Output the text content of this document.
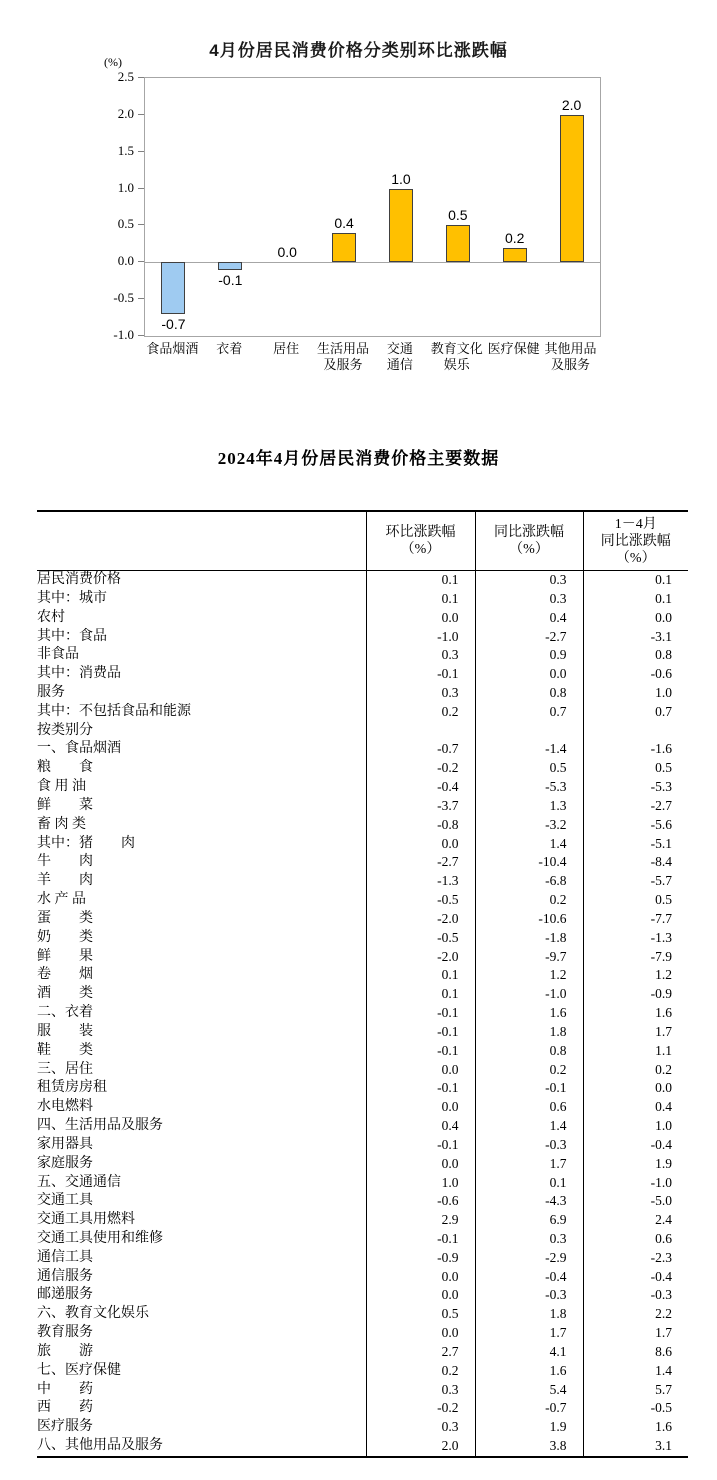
4月份居民消费价格分类别环比涨跌幅
(%)
-0.7
-0.1
0.0
0.4
1.0
0.5
0.2
2.0
2.5
2.0
1.5
1.0
0.5
0.0
-0.5
-1.0
食品烟酒	衣着	居住	生活用品
及服务
交通
通信
教育文化
娱乐
医疗保健 其他用品
及服务
2024年4月份居民消费价格主要数据

环比涨跌幅
（%）

同比涨跌幅
（%）

1－4月
同比涨跌幅
（%）

居民消费价格	0.1	0.3	0.1
其中：城市	0.1	0.3	0.1
农村	0.0	0.4	0.0
其中：食品	-1.0	-2.7	-3.1
非食品	0.3	0.9	0.8
其中：消费品	-0.1	0.0	-0.6
服务	0.3	0.8	1.0
其中：不包括食品和能源	0.2	0.7	0.7
按类别分			
一、食品烟酒	-0.7	-1.4	-1.6
粮　　食	-0.2	0.5	0.5
食 用 油	-0.4	-5.3	-5.3
鲜　　菜	-3.7	1.3	-2.7
畜 肉 类	-0.8	-3.2	-5.6
其中：猪　　肉	0.0	1.4	-5.1
牛　　肉	-2.7	-10.4	-8.4
羊　　肉	-1.3	-6.8	-5.7
水 产 品	-0.5	0.2	0.5
蛋　　类	-2.0	-10.6	-7.7
奶　　类	-0.5	-1.8	-1.3
鲜　　果	-2.0	-9.7	-7.9
卷　　烟	0.1	1.2	1.2
酒　　类	0.1	-1.0	-0.9
二、衣着	-0.1	1.6	1.6
服　　装	-0.1	1.8	1.7
鞋　　类	-0.1	0.8	1.1
三、居住	0.0	0.2	0.2
租赁房房租	-0.1	-0.1	0.0
水电燃料	0.0	0.6	0.4
四、生活用品及服务	0.4	1.4	1.0
家用器具	-0.1	-0.3	-0.4
家庭服务	0.0	1.7	1.9
五、交通通信	1.0	0.1	-1.0
交通工具	-0.6	-4.3	-5.0
交通工具用燃料	2.9	6.9	2.4
交通工具使用和维修	-0.1	0.3	0.6
通信工具	-0.9	-2.9	-2.3
通信服务	0.0	-0.4	-0.4
邮递服务	0.0	-0.3	-0.3
六、教育文化娱乐	0.5	1.8	2.2
教育服务	0.0	1.7	1.7
旅　　游	2.7	4.1	8.6
七、医疗保健	0.2	1.6	1.4
中　　药	0.3	5.4	5.7
西　　药	-0.2	-0.7	-0.5
医疗服务	0.3	1.9	1.6
八、其他用品及服务	2.0	3.8	3.1
